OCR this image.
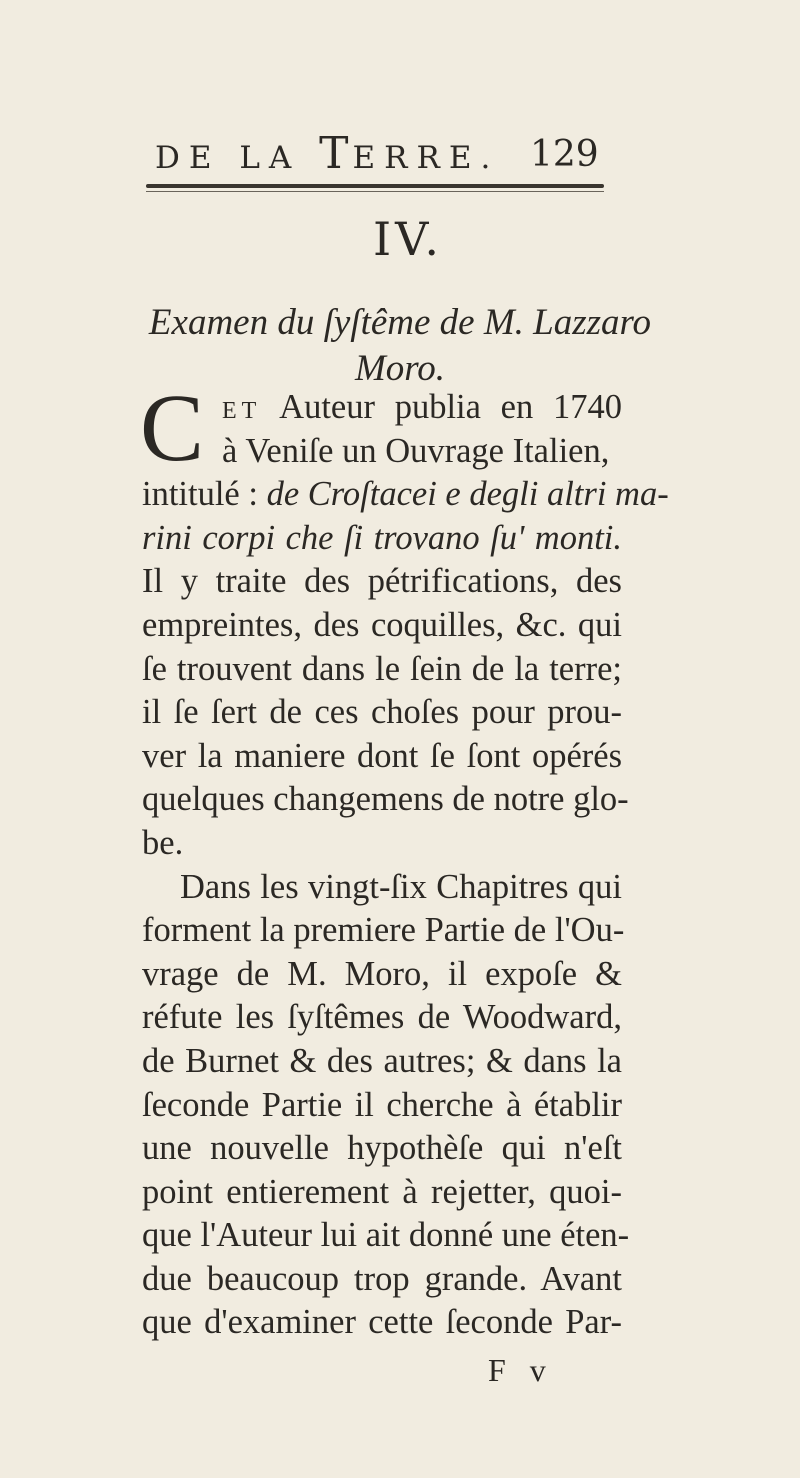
DE LA TERRE. 129
IV.
Examen du ſyſtême de M. Lazzaro
Moro.
C et Auteur publia en 1740
à Veniſe un Ouvrage Italien,
intitulé : de Croſtacei e degli altri ma-
rini corpi che ſi trovano ſu' monti.
Il y traite des pétrifications, des
empreintes, des coquilles, &c. qui
ſe trouvent dans le ſein de la terre;
il ſe ſert de ces choſes pour prou-
ver la maniere dont ſe ſont opérés
quelques changemens de notre glo-
be.
Dans les vingt-ſix Chapitres qui
forment la premiere Partie de l'Ou-
vrage de M. Moro, il expoſe &
réfute les ſyſtêmes de Woodward,
de Burnet & des autres; & dans la
ſeconde Partie il cherche à établir
une nouvelle hypothèſe qui n'eſt
point entierement à rejetter, quoi-
que l'Auteur lui ait donné une éten-
due beaucoup trop grande. Avant
que d'examiner cette ſeconde Par-
F v
